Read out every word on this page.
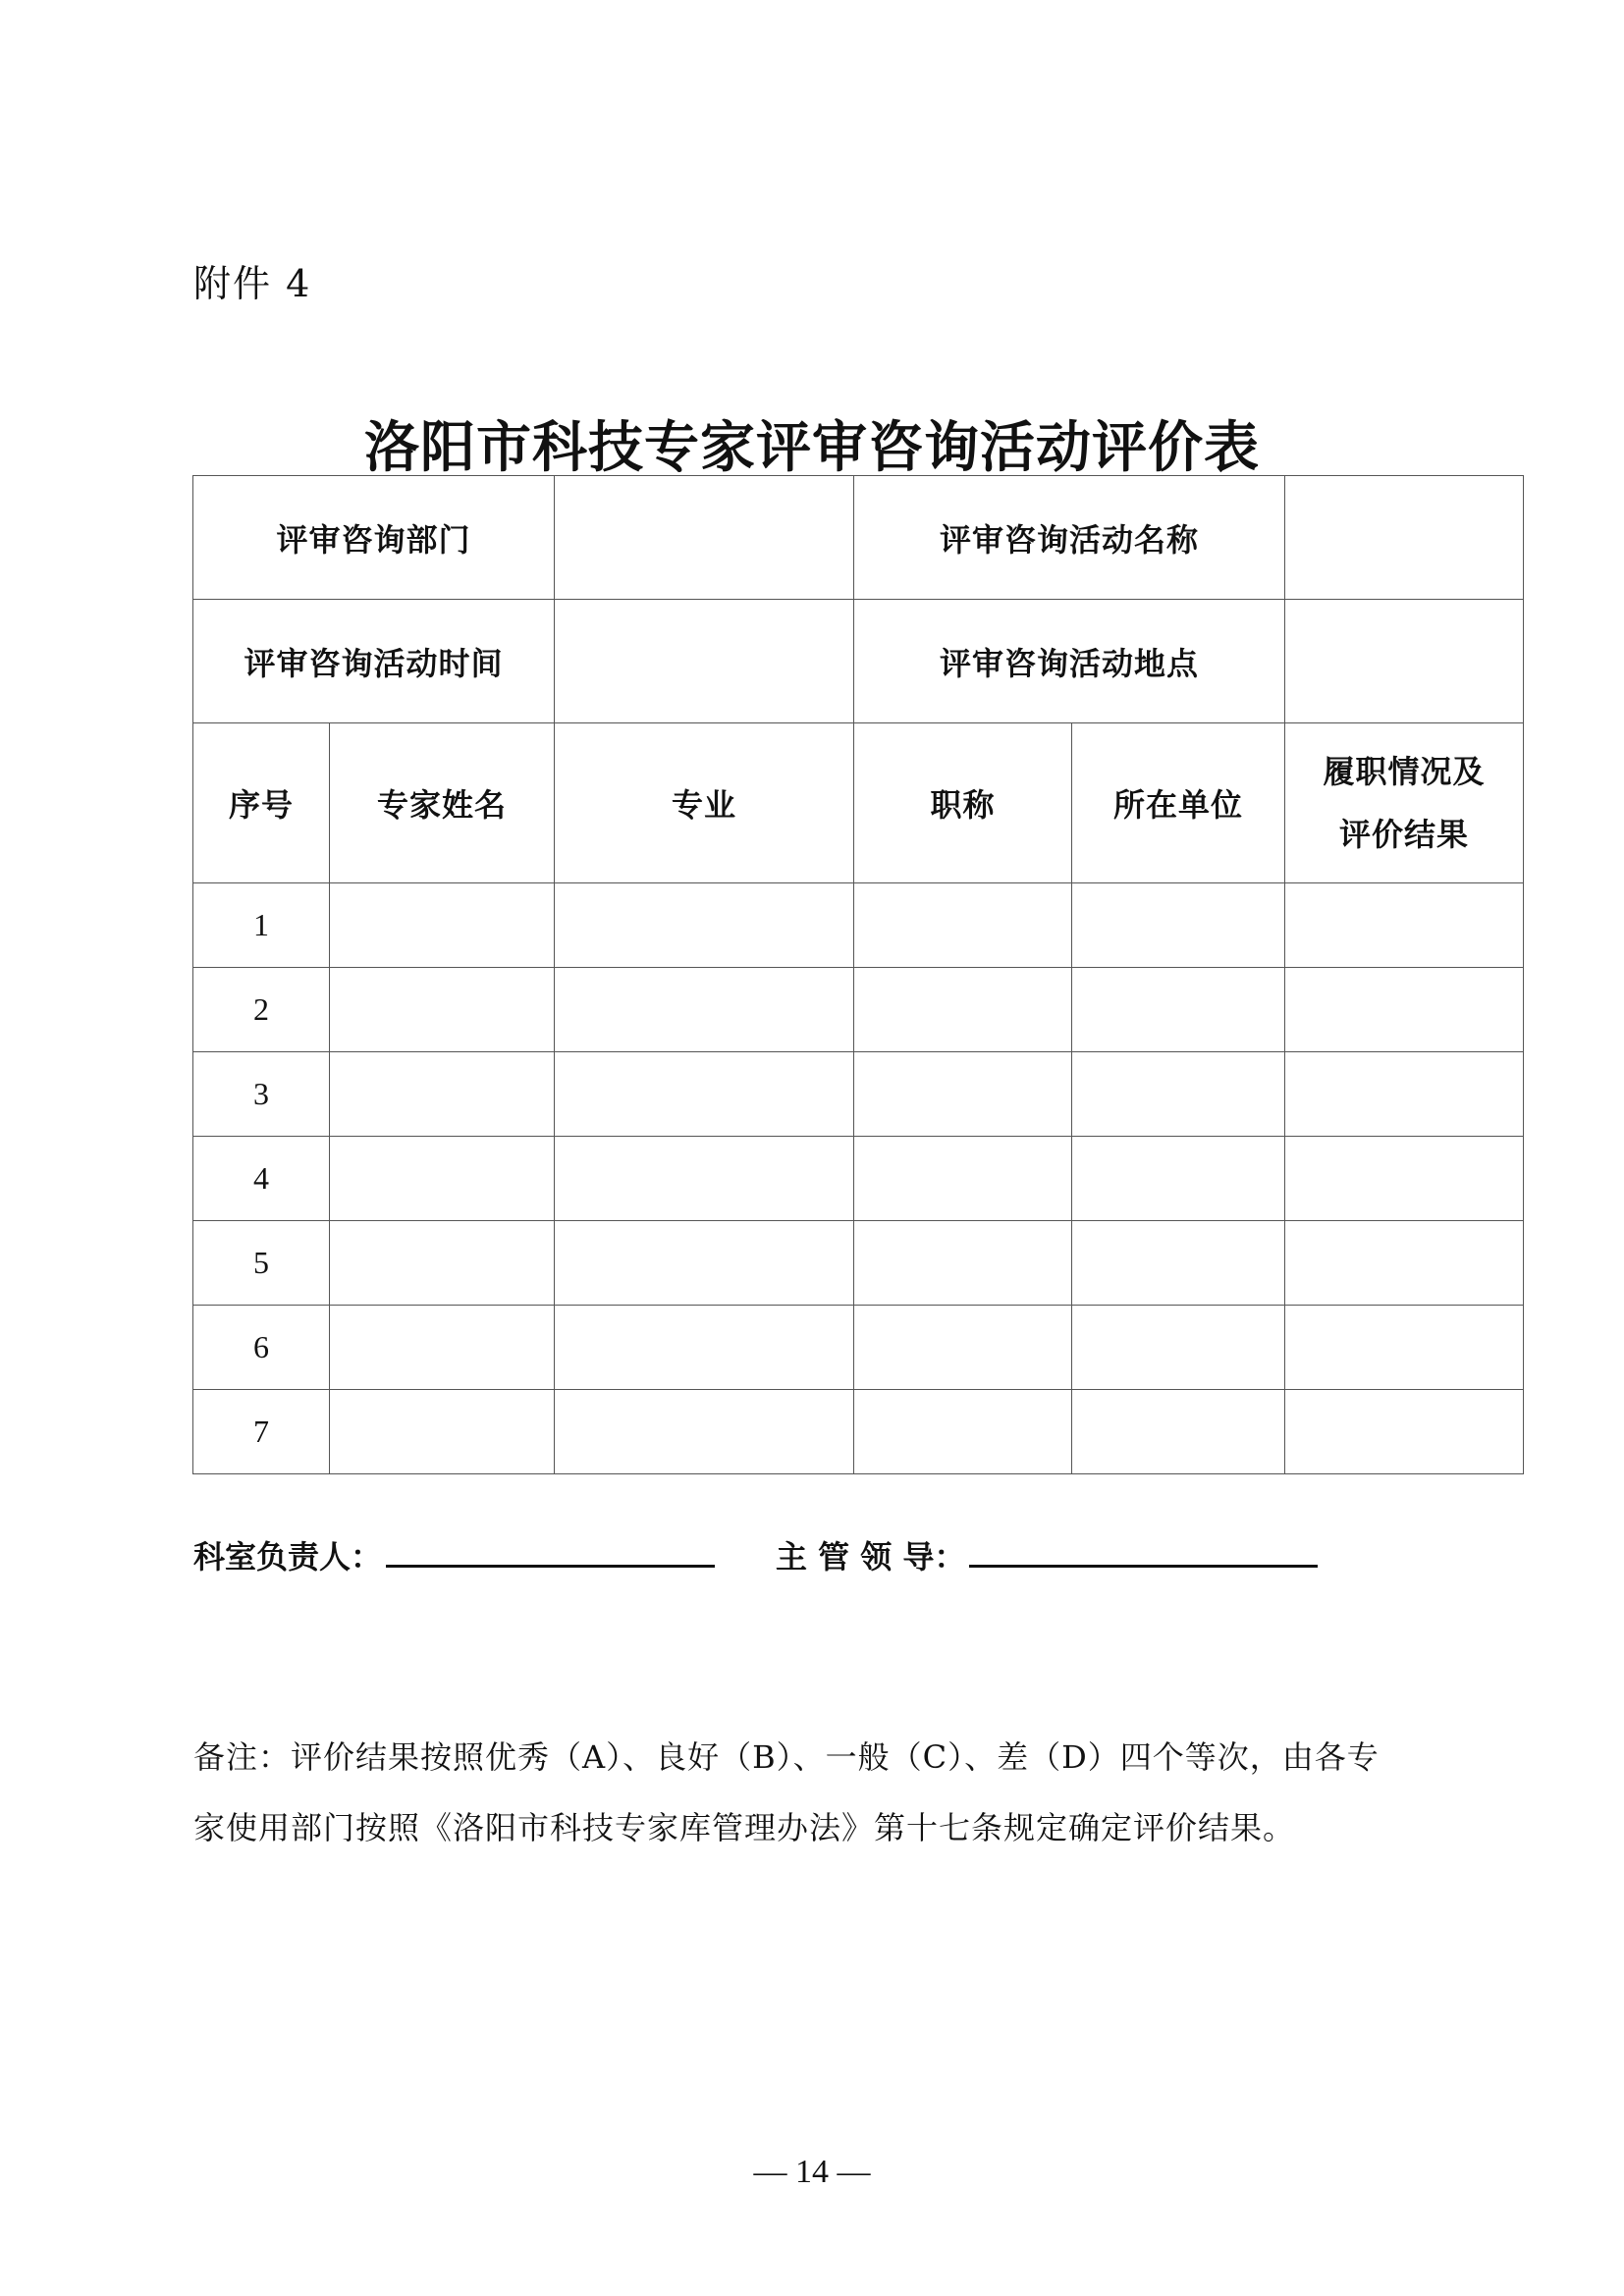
附件 4
洛阳市科技专家评审咨询活动评价表
评审咨询部门			评审咨询活动名称		
评审咨询活动时间			评审咨询活动地点		
序号	专家姓名	专业	职称	所在单位	履职情况及
评价结果

1					
2					
3					
4					
5					
6					
7					
科室负责人：	主 管 领 导：
备注：评价结果按照优秀（A）、良好（B）、一般（C）、差（D）四个等次，由各专
家使用部门按照《洛阳市科技专家库管理办法》第十七条规定确定评价结果。
— 14 —
